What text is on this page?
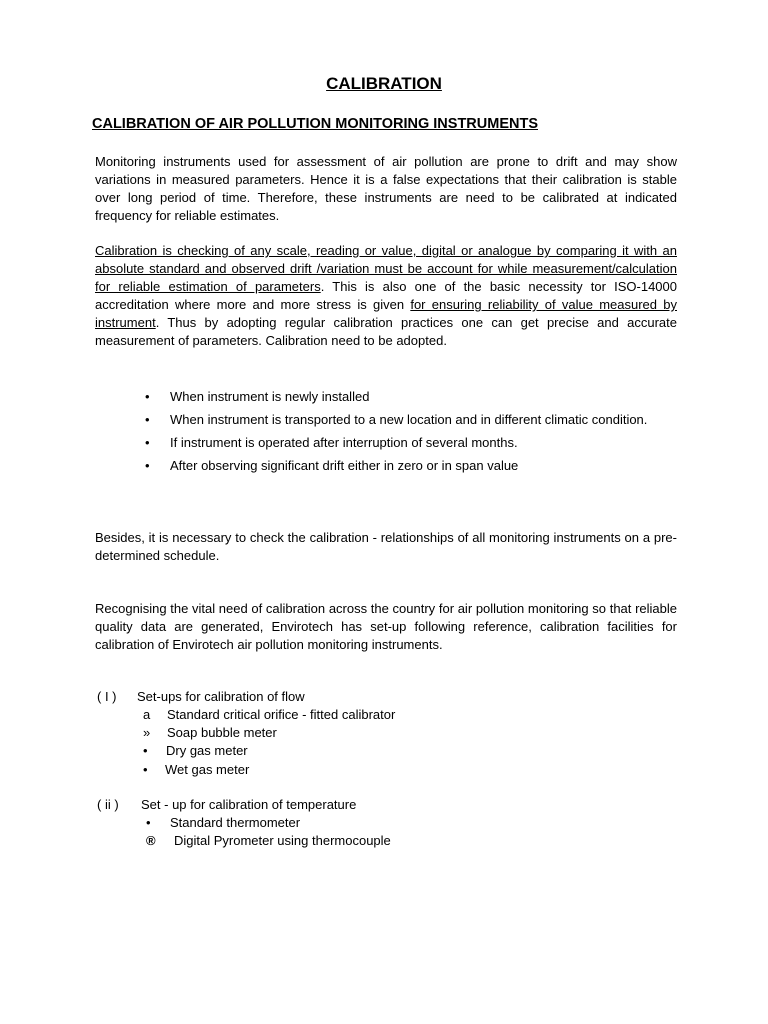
CALIBRATION
CALIBRATION OF AIR POLLUTION MONITORING INSTRUMENTS
Monitoring instruments used for assessment of air pollution are prone to drift and may show variations in measured parameters. Hence it is a false expectations that their calibration is stable over long period of time. Therefore, these instruments are need to be calibrated at indicated frequency for reliable estimates.
Calibration is checking of any scale, reading or value, digital or analogue by comparing it with an absolute standard and observed drift /variation must be account for while measurement/calculation for reliable estimation of parameters. This is also one of the basic necessity tor ISO-14000 accreditation where more and more stress is given for ensuring reliability of value measured by instrument. Thus by adopting regular calibration practices one can get precise and accurate measurement of parameters. Calibration need to be adopted.
• When instrument is newly installed
• When instrument is transported to a new location and in different climatic condition.
• If instrument is operated after interruption of several months.
• After observing significant drift either in zero or in span value
Besides, it is necessary to check the calibration - relationships of all monitoring instruments on a pre-determined schedule.
Recognising the vital need of calibration across the country for air pollution monitoring so that reliable quality data are generated, Envirotech has set-up following reference, calibration facilities for calibration of Envirotech air pollution monitoring instruments.
( I ) Set-ups for calibration of flow
a Standard critical orifice - fitted calibrator
» Soap bubble meter
• Dry gas meter
• Wet gas meter
( ii ) Set - up for calibration of temperature
• Standard thermometer
® Digital Pyrometer using thermocouple
